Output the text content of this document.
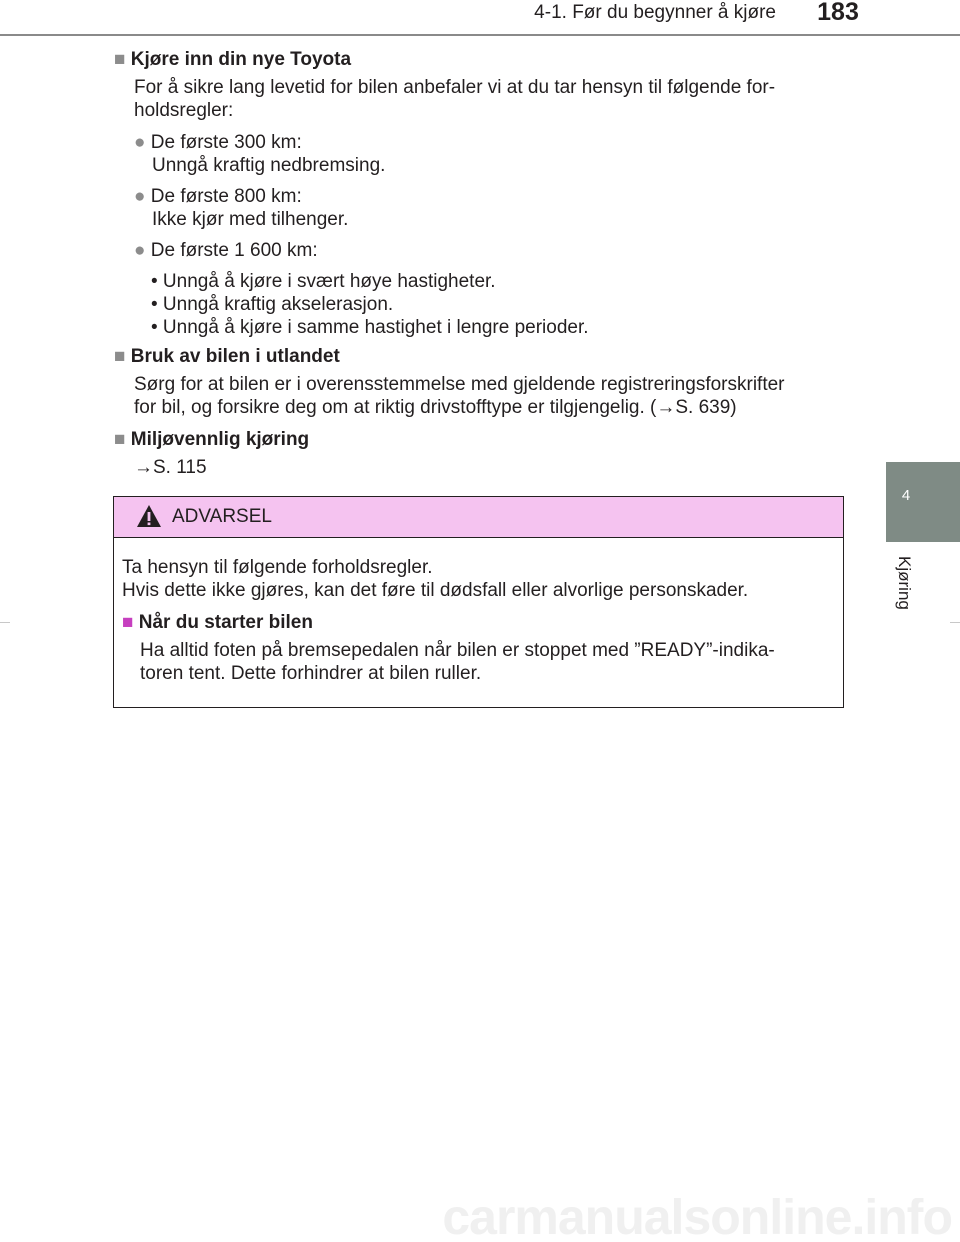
4-1. Før du begynner å kjøre	183
4
Kjøring
■ Kjøre inn din nye Toyota
For å sikre lang levetid for bilen anbefaler vi at du tar hensyn til følgende for-
holdsregler:
● De første 300 km:
Unngå kraftig nedbremsing.
● De første 800 km:
Ikke kjør med tilhenger.
● De første 1 600 km:
• Unngå å kjøre i svært høye hastigheter.
• Unngå kraftig akselerasjon.
• Unngå å kjøre i samme hastighet i lengre perioder.
■ Bruk av bilen i utlandet
Sørg for at bilen er i overensstemmelse med gjeldende registreringsforskrifter
for bil, og forsikre deg om at riktig drivstofftype er tilgjengelig. (→S. 639)
■ Miljøvennlig kjøring
→S. 115
ADVARSEL
Ta hensyn til følgende forholdsregler.
Hvis dette ikke gjøres, kan det føre til dødsfall eller alvorlige personskader.
■ Når du starter bilen
Ha alltid foten på bremsepedalen når bilen er stoppet med ”READY”-indika-
toren tent. Dette forhindrer at bilen ruller.
carmanualsonline.info
